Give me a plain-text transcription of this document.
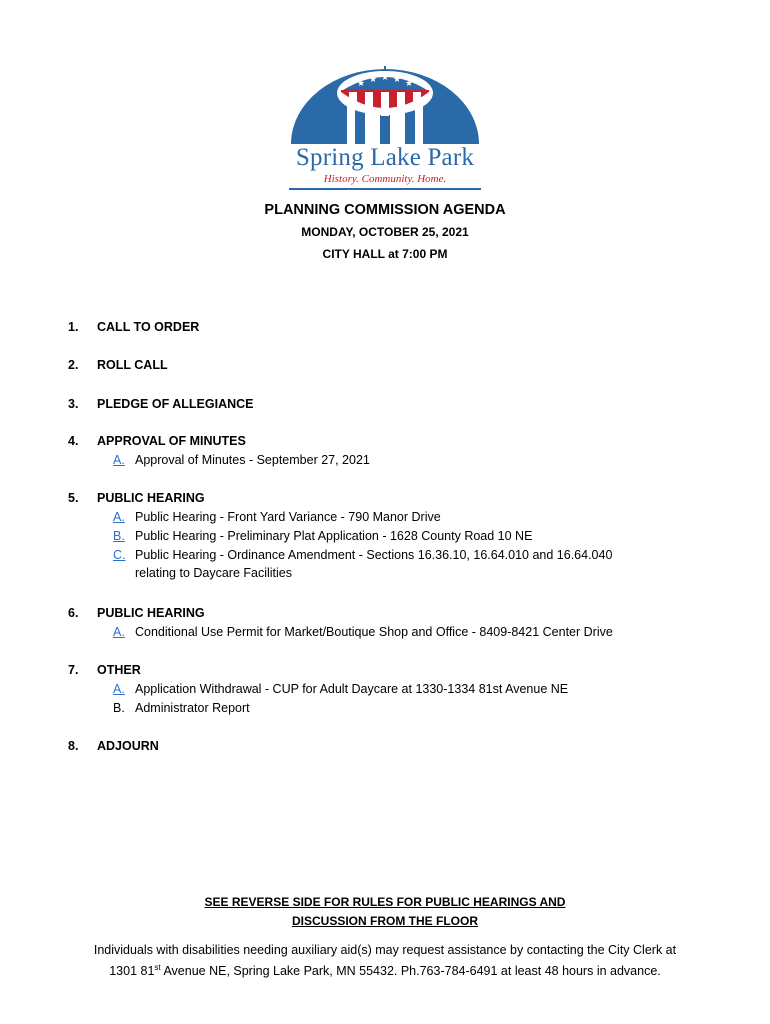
★ ★ ★ ★ ★
Spring Lake Park
History. Community. Home.
PLANNING COMMISSION AGENDA
MONDAY, OCTOBER 25, 2021
CITY HALL at 7:00 PM
1. CALL TO ORDER
2. ROLL CALL
3. PLEDGE OF ALLEGIANCE
4. APPROVAL OF MINUTES
A. Approval of Minutes - September 27, 2021
5. PUBLIC HEARING
A. Public Hearing - Front Yard Variance - 790 Manor Drive
B. Public Hearing - Preliminary Plat Application - 1628 County Road 10 NE
C. Public Hearing - Ordinance Amendment - Sections 16.36.10, 16.64.010 and 16.64.040
relating to Daycare Facilities
6. PUBLIC HEARING
A. Conditional Use Permit for Market/Boutique Shop and Office - 8409-8421 Center Drive
7. OTHER
A. Application Withdrawal - CUP for Adult Daycare at 1330-1334 81st Avenue NE
B. Administrator Report
8. ADJOURN
SEE REVERSE SIDE FOR RULES FOR PUBLIC HEARINGS AND
DISCUSSION FROM THE FLOOR
Individuals with disabilities needing auxiliary aid(s) may request assistance by contacting the City Clerk at
1301 81st Avenue NE, Spring Lake Park, MN 55432. Ph.763-784-6491 at least 48 hours in advance.
